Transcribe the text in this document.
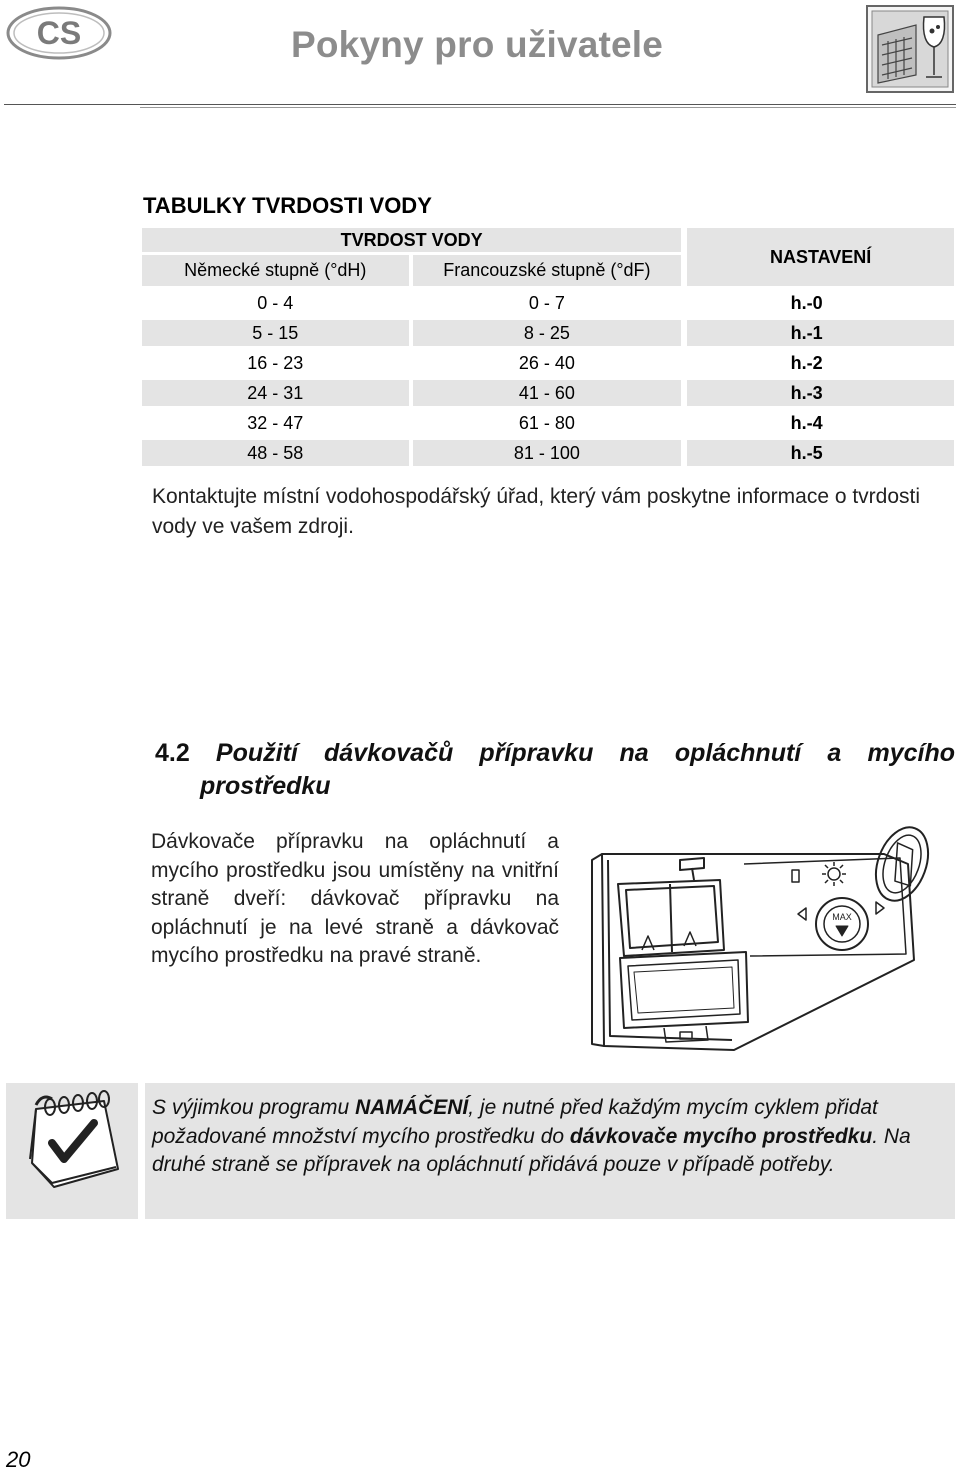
CS	Pokyny pro uživatele
TABULKY TVRDOSTI VODY
TVRDOST VODY		NASTAVENÍ
Německé stupně (°dH)	Francouzské stupně (°dF)	
0 - 4	0 - 7	h.-0
5 - 15	8 - 25	h.-1
16 - 23	26 - 40	h.-2
24 - 31	41 - 60	h.-3
32 - 47	61 - 80	h.-4
48 - 58	81 - 100	h.-5
Kontaktujte místní vodohospodářský úřad, který vám poskytne informace o tvrdosti vody ve vašem zdroji.
4.2 Použití dávkovačů přípravku na opláchnutí a mycího
prostředku
Dávkovače přípravku na opláchnutí a mycího prostředku jsou umístěny na vnitřní straně dveří: dávkovač přípravku na opláchnutí je na levé straně a dávkovač mycího prostředku na pravé straně.
MAX
S výjimkou programu NAMÁČENÍ, je nutné před každým mycím cyklem přidat požadované množství mycího prostředku do dávkovače mycího prostředku. Na druhé straně se přípravek na opláchnutí přidává pouze v případě potřeby.
20
